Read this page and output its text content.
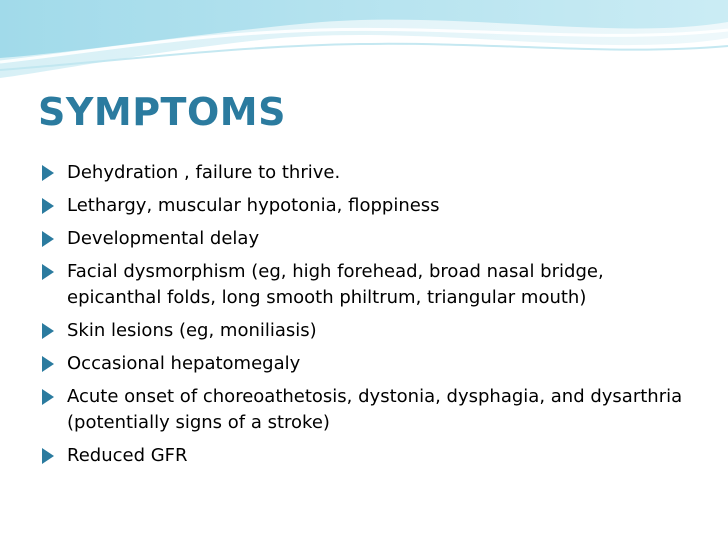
SYMPTOMS
Dehydration , failure to thrive.
Lethargy, muscular hypotonia, floppiness
Developmental delay
Facial dysmorphism (eg, high forehead, broad nasal bridge, epicanthal folds, long smooth philtrum, triangular mouth)
Skin lesions (eg, moniliasis)
Occasional hepatomegaly
Acute onset of choreoathetosis, dystonia, dysphagia, and dysarthria (potentially signs of a stroke)
Reduced GFR
